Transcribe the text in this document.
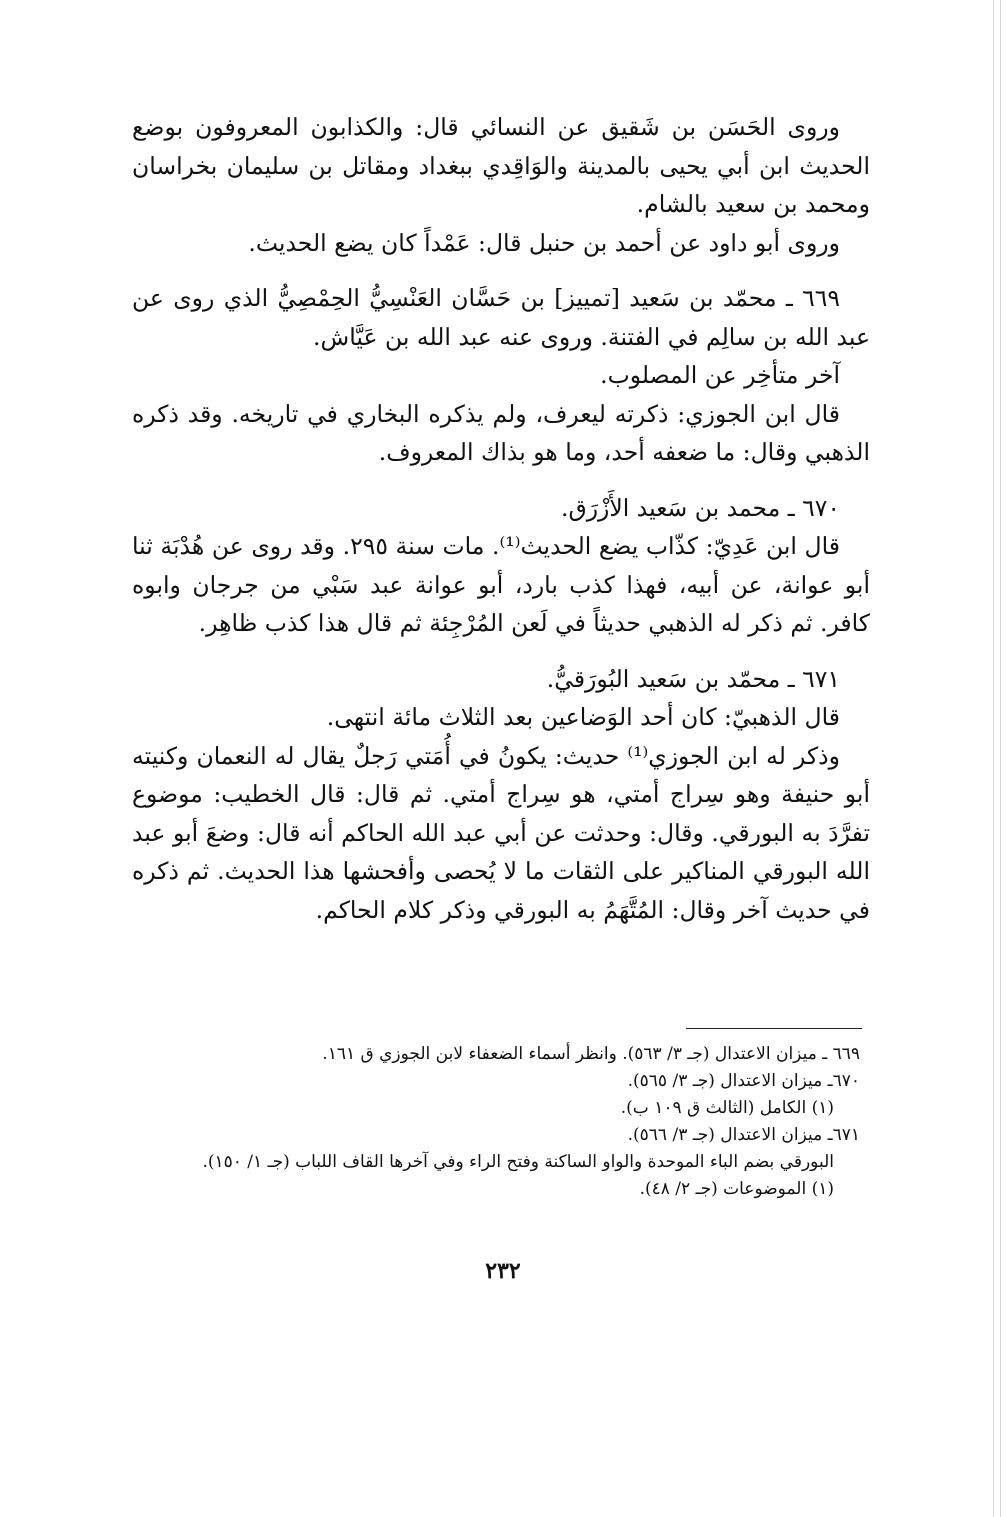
وروى الحَسَن بن شَقيق عن النسائي قال: والكذابون المعروفون بوضع الحديث ابن أبي يحيى بالمدينة والوَاقِدي ببغداد ومقاتل بن سليمان بخراسان ومحمد بن سعيد بالشام.

وروى أبو داود عن أحمد بن حنبل قال: عَمْداً كان يضع الحديث.

٦٦٩ ـ محمّد بن سَعيد [تمييز] بن حَسَّان العَنْسِيُّ الحِمْصِيُّ الذي روى عن عبد الله بن سالِم في الفتنة. وروى عنه عبد الله بن عَيَّاش.

آخر متأخِر عن المصلوب.

قال ابن الجوزي: ذكرته ليعرف، ولم يذكره البخاري في تاريخه. وقد ذكره الذهبي وقال: ما ضعفه أحد، وما هو بذاك المعروف.

٦٧٠ ـ محمد بن سَعيد الأَزْرَق.

قال ابن عَدِيّ: كذّاب يضع الحديث⁽¹⁾. مات سنة ٢٩٥. وقد روى عن هُدْبَة ثنا أبو عوانة، عن أبيه، فهذا كذب بارد، أبو عوانة عبد سَبْي من جرجان وابوه كافر. ثم ذكر له الذهبي حديثاً في لَعن المُرْجِئة ثم قال هذا كذب ظاهِر.

٦٧١ ـ محمّد بن سَعيد البُورَقيُّ.

قال الذهبيّ: كان أحد الوَضاعين بعد الثلاث مائة انتهى.

وذكر له ابن الجوزي⁽¹⁾ حديث: يكونُ في أُمَتي رَجلٌ يقال له النعمان وكنيته أبو حنيفة وهو سِراج أمتي، هو سِراج أمتي. ثم قال: قال الخطيب: موضوع تفرَّدَ به البورقي. وقال: وحدثت عن أبي عبد الله الحاكم أنه قال: وضعَ أبو عبد الله البورقي المناكير على الثقات ما لا يُحصى وأفحشها هذا الحديث. ثم ذكره في حديث آخر وقال: المُتَّهَمُ به البورقي وذكر كلام الحاكم.

٦٦٩ ـ ميزان الاعتدال (جـ ٣/ ٥٦٣). وانظر أسماء الضعفاء لابن الجوزي ق ١٦١.

٦٧٠ـ ميزان الاعتدال (جـ ٣/ ٥٦٥).

(١) الكامل (الثالث ق ١٠٩ ب).

٦٧١ـ ميزان الاعتدال (جـ ٣/ ٥٦٦).

البورقي بضم الباء الموحدة والواو الساكنة وفتح الراء وفي آخرها القاف اللباب (جـ ١/ ١٥٠).

(١) الموضوعات (جـ ٢/ ٤٨).

٢٣٢
